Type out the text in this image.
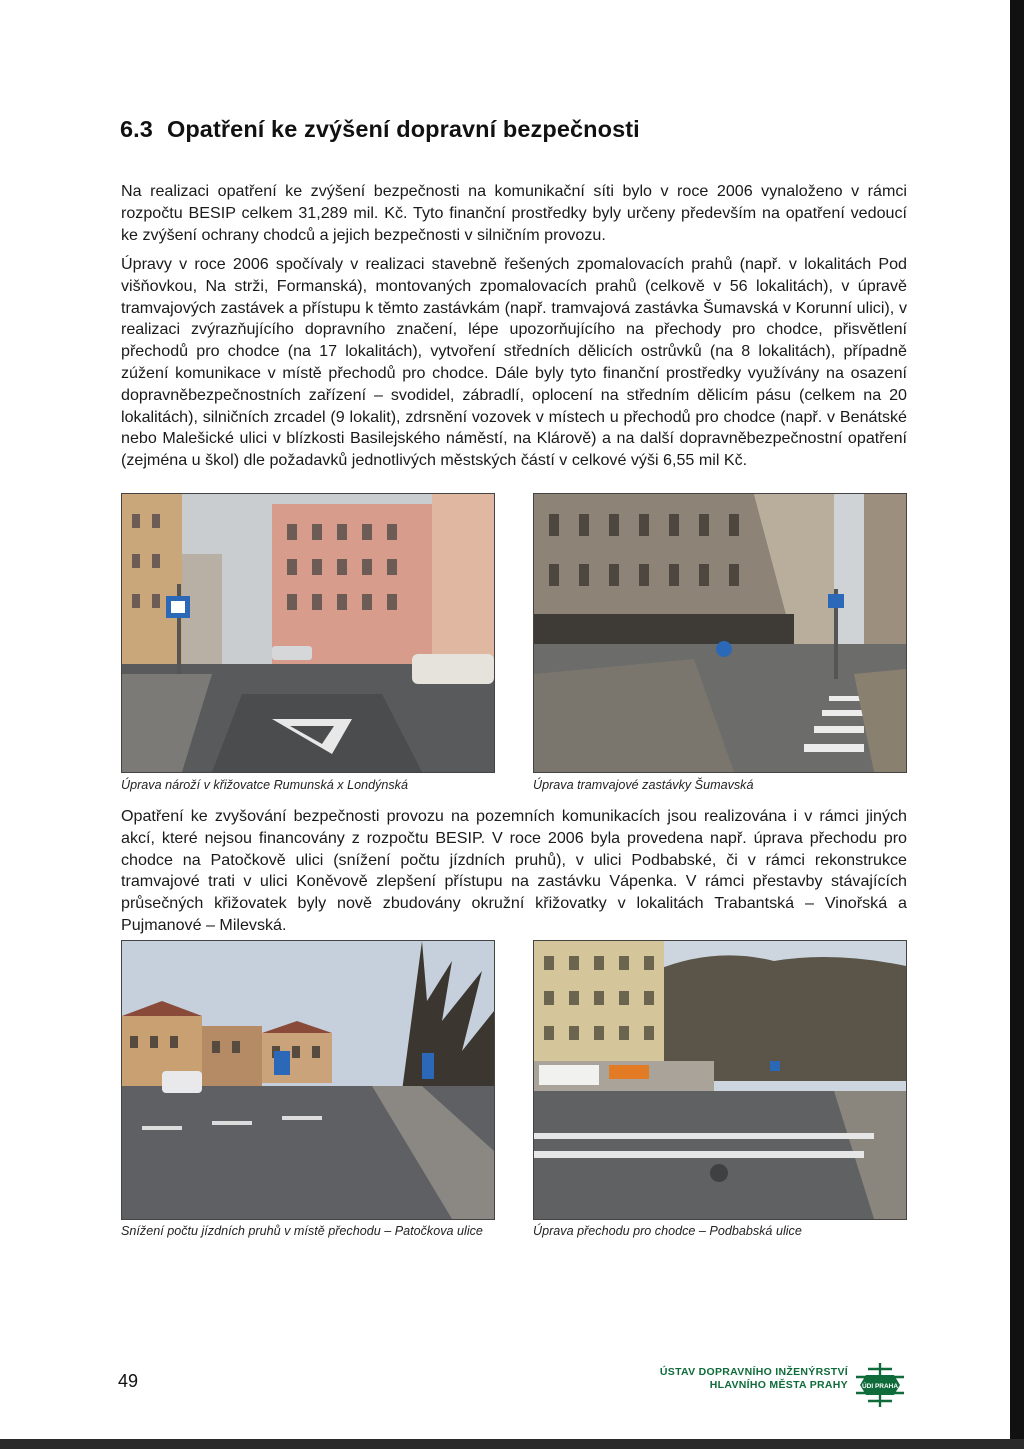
6.3 Opatření ke zvýšení dopravní bezpečnosti

Na realizaci opatření ke zvýšení bezpečnosti na komunikační síti bylo v roce 2006 vynaloženo v rámci rozpočtu BESIP celkem 31,289 mil. Kč. Tyto finanční prostředky byly určeny především na opatření vedoucí ke zvýšení ochrany chodců a jejich bezpečnosti v silničním provozu.

Úpravy v roce 2006 spočívaly v realizaci stavebně řešených zpomalovacích prahů (např. v lokalitách Pod višňovkou, Na strži, Formanská), montovaných zpomalovacích prahů (celkově v 56 lokalitách), v úpravě tramvajových zastávek a přístupu k těmto zastávkám (např. tramvajová zastávka Šumavská v Korunní ulici), v realizaci zvýrazňujícího dopravního značení, lépe upozorňujícího na přechody pro chodce, přisvětlení přechodů pro chodce (na 17 lokalitách), vytvoření středních dělicích ostrůvků (na 8 lokalitách), případně zúžení komunikace v místě přechodů pro chodce. Dále byly tyto finanční prostředky využívány na osazení dopravněbezpečnostních zařízení – svodidel, zábradlí, oplocení na středním dělicím pásu (celkem na 20 lokalitách), silničních zrcadel (9 lokalit), zdrsnění vozovek v místech u přechodů pro chodce (např. v Benátské nebo Malešické ulici v blízkosti Basilejského náměstí, na Klárově) a na další dopravněbezpečnostní opatření (zejména u škol) dle požadavků jednotlivých městských částí v celkové výši 6,55 mil Kč.

Úprava nároží v křižovatce Rumunská x Londýnská	Úprava tramvajové zastávky Šumavská

Opatření ke zvyšování bezpečnosti provozu na pozemních komunikacích jsou realizována i v rámci jiných akcí, které nejsou financovány z rozpočtu BESIP. V roce 2006 byla provedena např. úprava přechodu pro chodce na Patočkově ulici (snížení počtu jízdních pruhů), v ulici Podbabské, či v rámci rekonstrukce tramvajové trati v ulici Koněvově zlepšení přístupu na zastávku Vápenka. V rámci přestavby stávajících průsečných křižovatek byly nově zbudovány okružní křižovatky v lokalitách Trabantská – Vinořská a Pujmanové – Milevská.

Snížení počtu jízdních pruhů v místě přechodu – Patočkova ulice	Úprava přechodu pro chodce – Podbabská ulice

49	ÚSTAV DOPRAVNÍHO INŽENÝRSTVÍ
HLAVNÍHO MĚSTA PRAHY ÚDI PRAHA
